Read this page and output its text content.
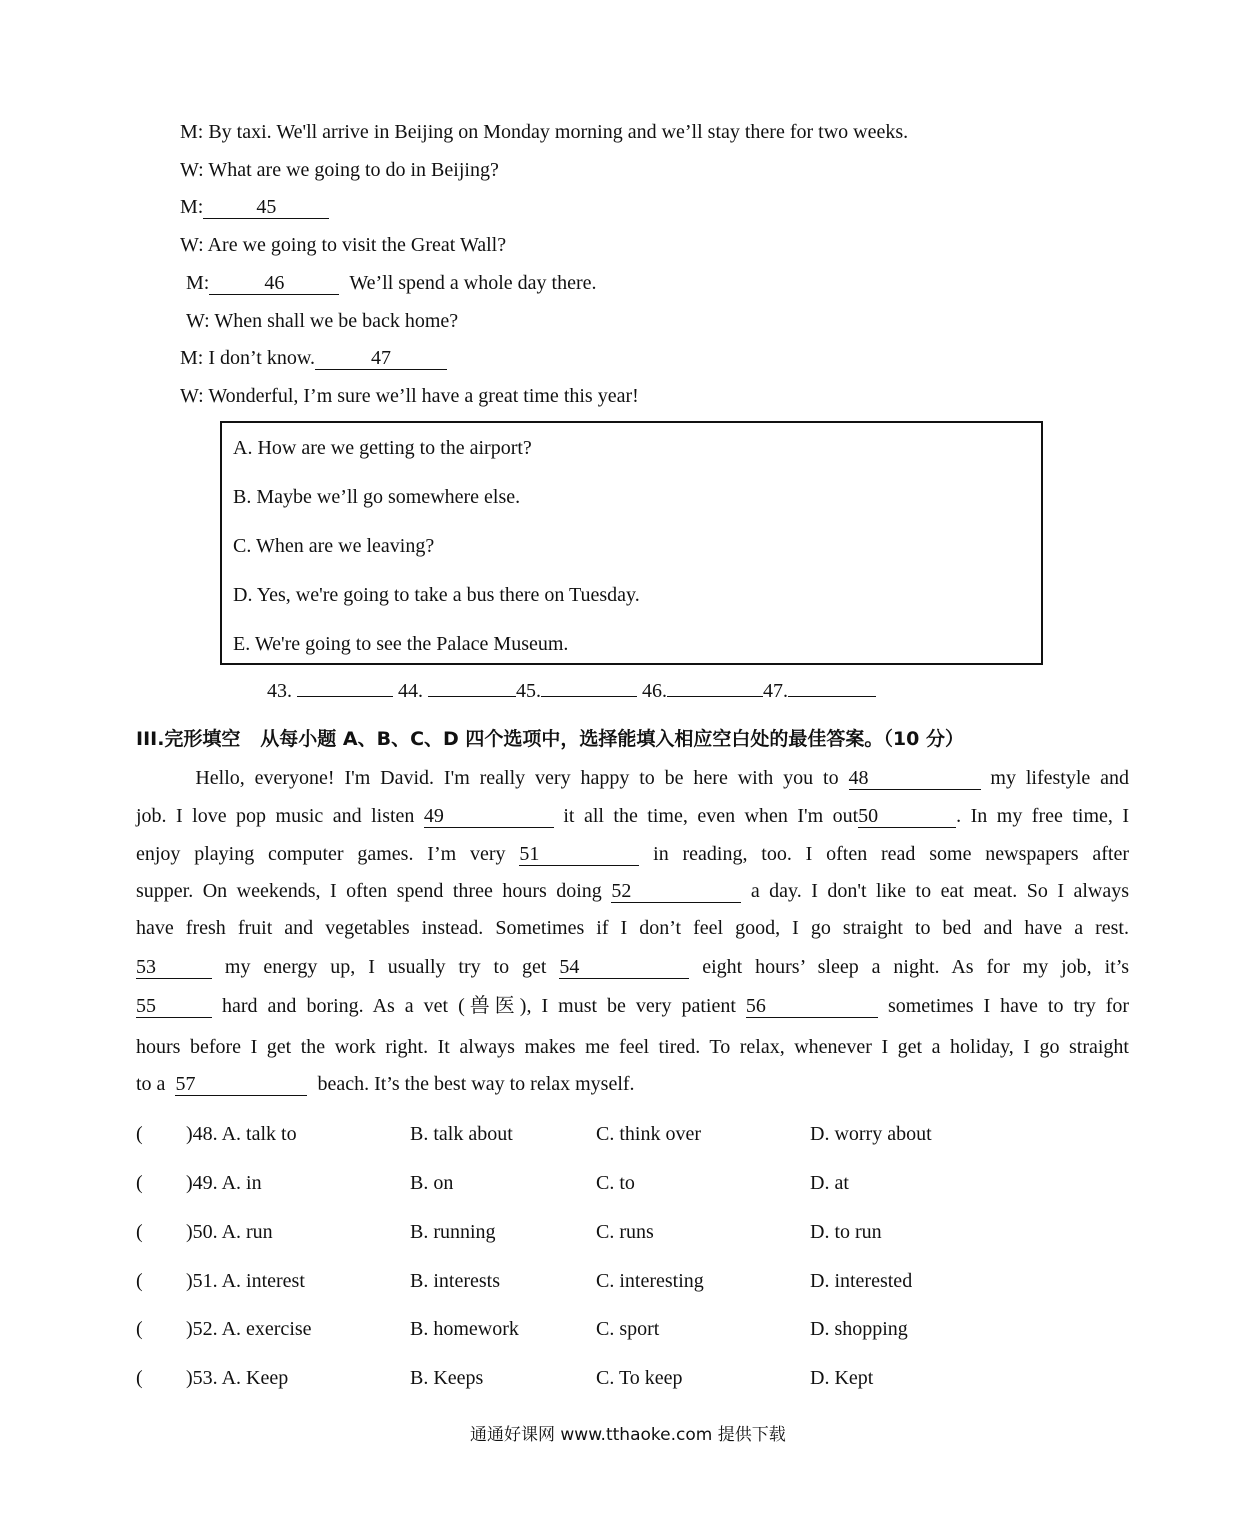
M: By taxi. We'll arrive in Beijing on Monday morning and we’ll stay there for two weeks.
W: What are we going to do in Beijing?
M:	45
W: Are we going to visit the Great Wall?
M:	46	We’ll spend a whole day there.
W: When shall we be back home?
M: I don’t know.	47
W: Wonderful, I’m sure we’ll have a great time this year!
A. How are we getting to the airport?
B. Maybe we’ll go somewhere else.
C. When are we leaving?
D. Yes, we're going to take a bus there on Tuesday.
E. We're going to see the Palace Museum.
43.	44.	45.	46.	47.
III.完形填空 从每小题 A、B、C、D 四个选项中，选择能填入相应空白处的最佳答案。（10 分）
Hello, everyone! I'm David. I'm really very happy to be here with you to 48	my lifestyle and
job. I love pop music and listen 49	it all the time, even when I'm out50	. In my free time, I
enjoy playing computer games. I’m very 51	in reading, too. I often read some newspapers after
supper. On weekends, I often spend three hours doing 52	a day. I don't like to eat meat. So I always
have fresh fruit and vegetables instead. Sometimes if I don’t feel good, I go straight to bed and have a rest.
53	my energy up, I usually try to get 54	eight hours’ sleep a night. As for my job, it’s
55	hard and boring. As a vet (兽医), I must be very patient 56	sometimes I have to try for
hours before I get the work right. It always makes me feel tired. To relax, whenever I get a holiday, I go straight
to a 57	beach. It’s the best way to relax myself.
( )48. A. talk to	B. talk about	C. think over	D. worry about
( )49. A. in	B. on	C. to	D. at
( )50. A. run	B. running	C. runs	D. to run
( )51. A. interest	B. interests	C. interesting	D. interested
( )52. A. exercise	B. homework	C. sport	D. shopping
( )53. A. Keep	B. Keeps	C. To keep	D. Kept
通通好课网 www.tthaoke.com 提供下载
